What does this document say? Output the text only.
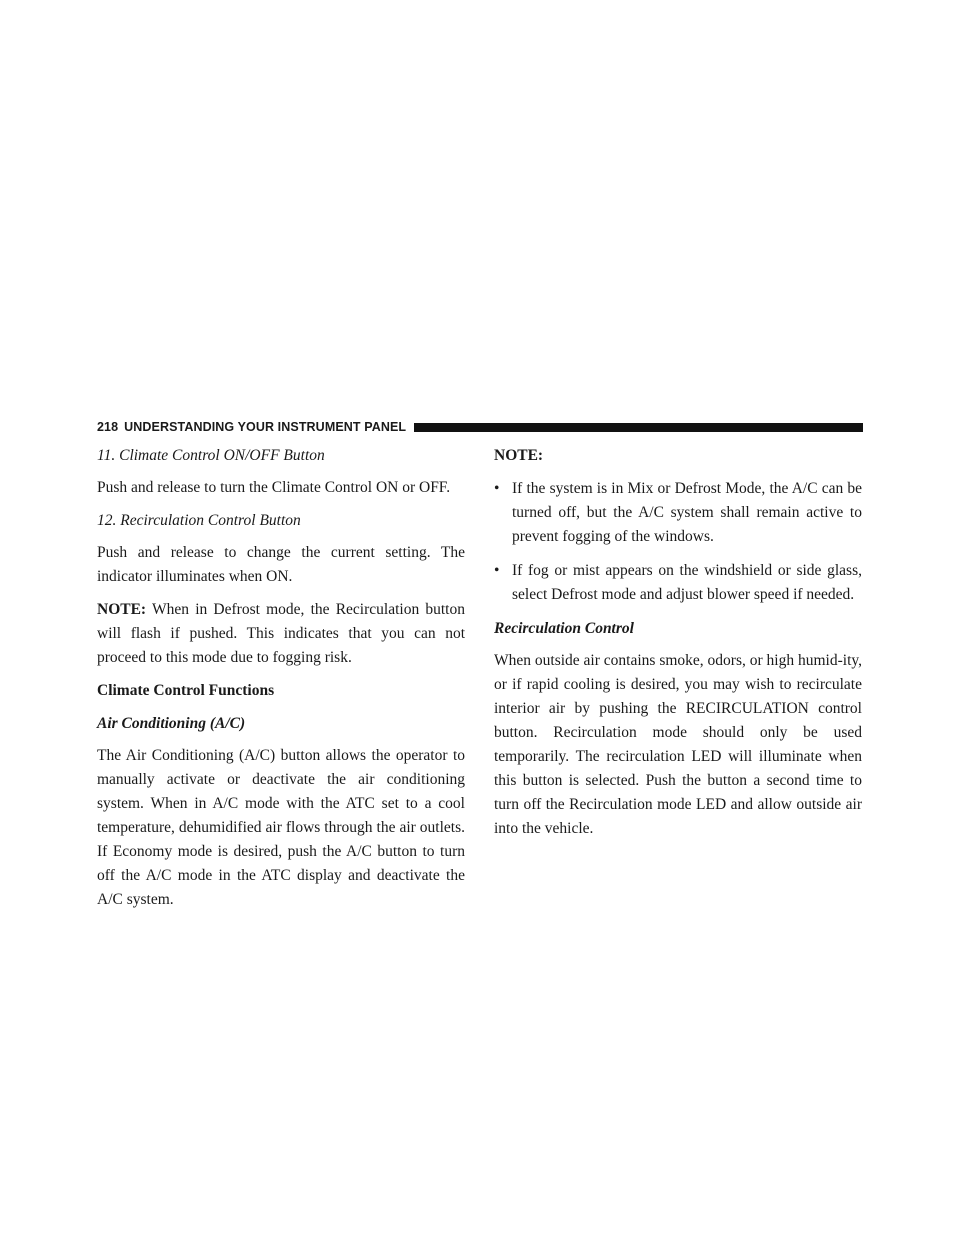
218 UNDERSTANDING YOUR INSTRUMENT PANEL

11. Climate Control ON/OFF Button

Push and release to turn the Climate Control ON or OFF.

12. Recirculation Control Button

Push and release to change the current setting. The indicator illuminates when ON.

NOTE: When in Defrost mode, the Recirculation button will flash if pushed. This indicates that you can not proceed to this mode due to fogging risk.

Climate Control Functions

Air Conditioning (A/C)

The Air Conditioning (A/C) button allows the operator to manually activate or deactivate the air conditioning system. When in A/C mode with the ATC set to a cool temperature, dehumidified air flows through the air outlets. If Economy mode is desired, push the A/C button to turn off the A/C mode in the ATC display and deactivate the A/C system.

NOTE:

• If the system is in Mix or Defrost Mode, the A/C can be turned off, but the A/C system shall remain active to prevent fogging of the windows.
• If fog or mist appears on the windshield or side glass, select Defrost mode and adjust blower speed if needed.

Recirculation Control

When outside air contains smoke, odors, or high humid-ity, or if rapid cooling is desired, you may wish to recirculate interior air by pushing the RECIRCULATION control button. Recirculation mode should only be used temporarily. The recirculation LED will illuminate when this button is selected. Push the button a second time to turn off the Recirculation mode LED and allow outside air into the vehicle.
